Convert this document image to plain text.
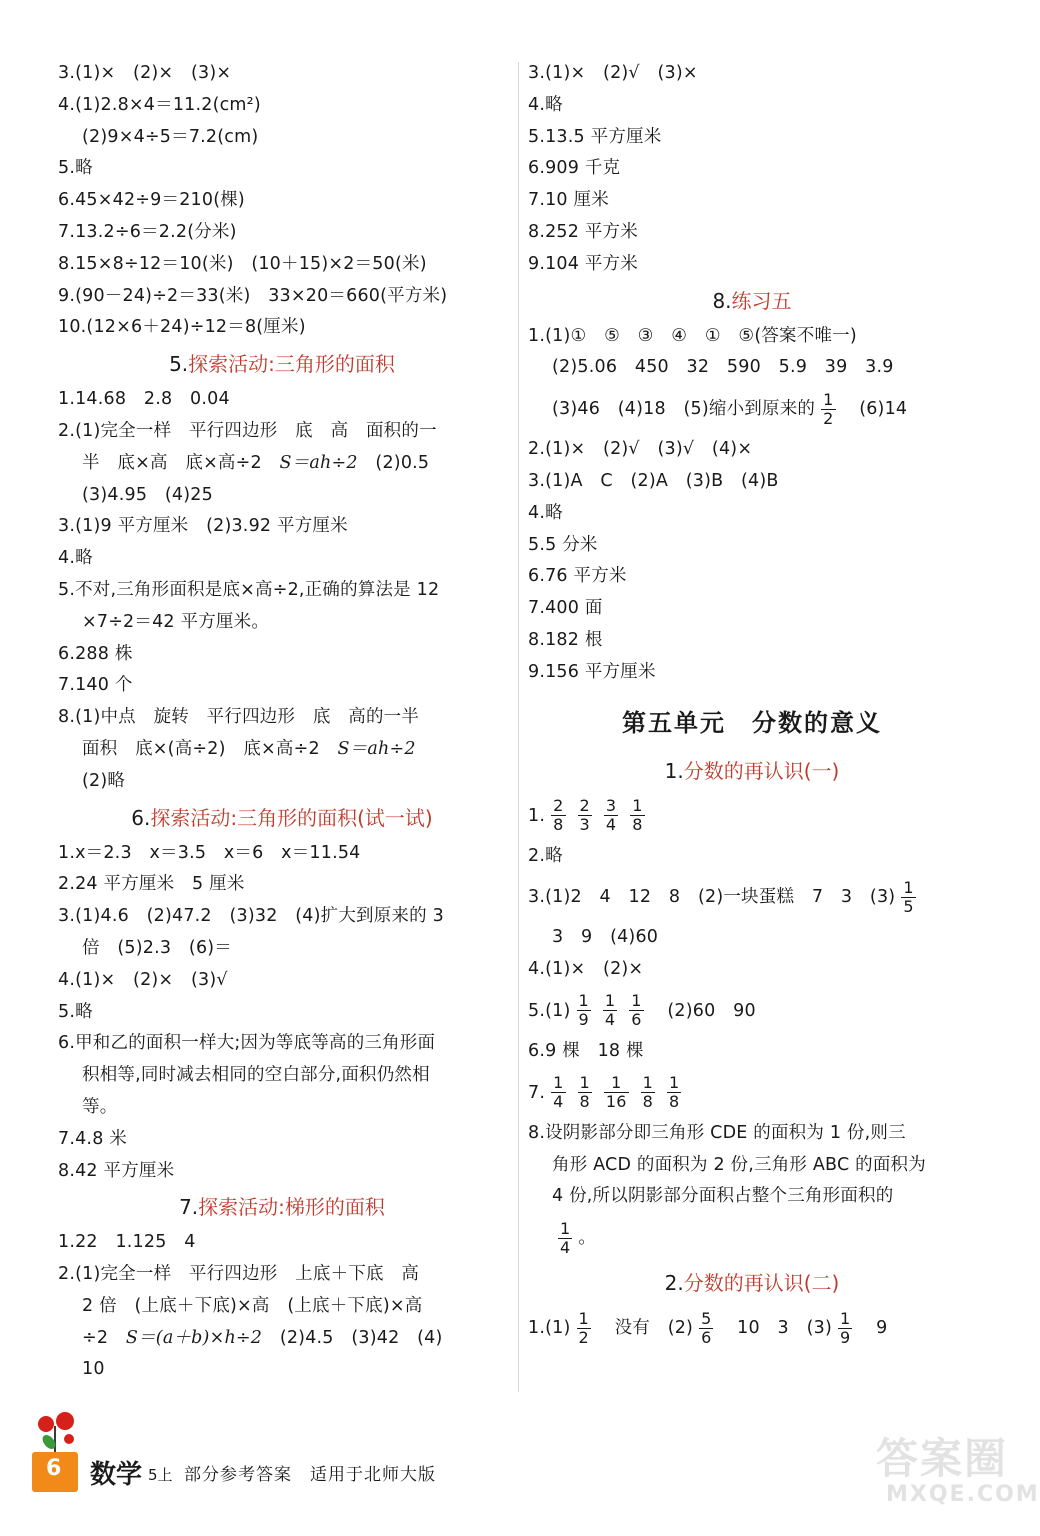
3.(1)×　(2)×　(3)×
4.(1)2.8×4＝11.2(cm²)
(2)9×4÷5＝7.2(cm)
5.略
6.45×42÷9＝210(棵)
7.13.2÷6＝2.2(分米)
8.15×8÷12＝10(米)　(10＋15)×2＝50(米)
9.(90－24)÷2＝33(米)　33×20＝660(平方米)
10.(12×6＋24)÷12＝8(厘米)
5.探索活动:三角形的面积
1.14.68　2.8　0.04
2.(1)完全一样　平行四边形　底　高　面积的一
半　底×高　底×高÷2　S＝ah÷2　(2)0.5
(3)4.95　(4)25
3.(1)9 平方厘米　(2)3.92 平方厘米
4.略
5.不对,三角形面积是底×高÷2,正确的算法是 12
×7÷2＝42 平方厘米。
6.288 株
7.140 个
8.(1)中点　旋转　平行四边形　底　高的一半
面积　底×(高÷2)　底×高÷2　S＝ah÷2
(2)略
6.探索活动:三角形的面积(试一试)
1.x＝2.3　x＝3.5　x＝6　x＝11.54
2.24 平方厘米　5 厘米
3.(1)4.6　(2)47.2　(3)32　(4)扩大到原来的 3
倍　(5)2.3　(6)＝
4.(1)×　(2)×　(3)√
5.略
6.甲和乙的面积一样大;因为等底等高的三角形面
积相等,同时减去相同的空白部分,面积仍然相
等。
7.4.8 米
8.42 平方厘米
7.探索活动:梯形的面积
1.22　1.125　4
2.(1)完全一样　平行四边形　上底＋下底　高
2 倍　(上底＋下底)×高　(上底＋下底)×高
÷2　S＝(a＋b)×h÷2　(2)4.5　(3)42　(4)
10
3.(1)×　(2)√　(3)×
4.略
5.13.5 平方厘米
6.909 千克
7.10 厘米
8.252 平方米
9.104 平方米
8.练习五
1.(1)①　⑤　③　④　①　⑤(答案不唯一)
(2)5.06　450　32　590　5.9　39　3.9
(3)46　(4)18　(5)缩小到原来的 $\frac{1}{2}$ 　(6)14
2.(1)×　(2)√　(3)√　(4)×
3.(1)A　C　(2)A　(3)B　(4)B
4.略
5.5 分米
6.76 平方米
7.400 面
8.182 根
9.156 平方厘米
第五单元　分数的意义
1.分数的再认识(一)
1. $\frac{2}{8} \frac{2}{3} \frac{3}{4} \frac{1}{8}$
2.略
3.(1)2　4　12　8　(2)一块蛋糕　7　3　$(3) \frac{1}{5}$
3　9　(4)60
4.(1)×　(2)×
$5.(1) \frac{1}{9} \frac{1}{4} \frac{1}{6}$ 　(2)60　90
6.9 棵　18 棵
7. $\frac{1}{4} \frac{1}{8} \frac{1}{16} \frac{1}{8} \frac{1}{8}$
8.设阴影部分即三角形 CDE 的面积为 1 份,则三
角形 ACD 的面积为 2 份,三角形 ABC 的面积为
4 份,所以阴影部分面积占整个三角形面积的
$\frac{1}{4}$ 。
2.分数的再认识(二)
$1.(1) \frac{1}{2}$ 　没有　$(2) \frac{5}{6}$ 　10　3　$(3) \frac{1}{9}$ 　9
6 数学 5上 部分参考答案　适用于北师大版	答案圈
MXQE.COM
